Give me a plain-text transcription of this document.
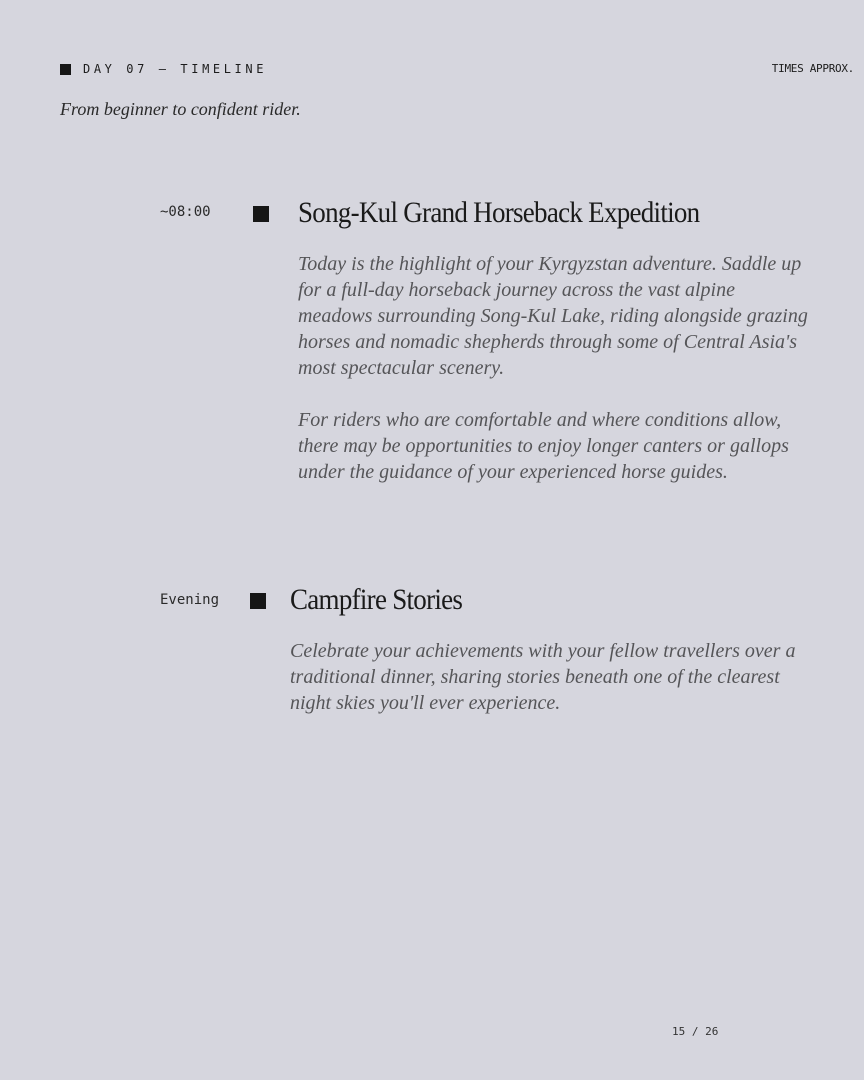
DAY 07 — TIMELINE	TIMES APPROX.
From beginner to confident rider.
~08:00	Song-Kul Grand Horseback Expedition

Today is the highlight of your Kyrgyzstan adventure. Saddle up for a full-day horseback journey across the vast alpine meadows surrounding Song-Kul Lake, riding alongside grazing horses and nomadic shepherds through some of Central Asia's most spectacular scenery.

For riders who are comfortable and where conditions allow, there may be opportunities to enjoy longer canters or gallops under the guidance of your experienced horse guides.

Evening Campfire Stories

Celebrate your achievements with your fellow travellers over a traditional dinner, sharing stories beneath one of the clearest night skies you'll ever experience.

15 / 26
